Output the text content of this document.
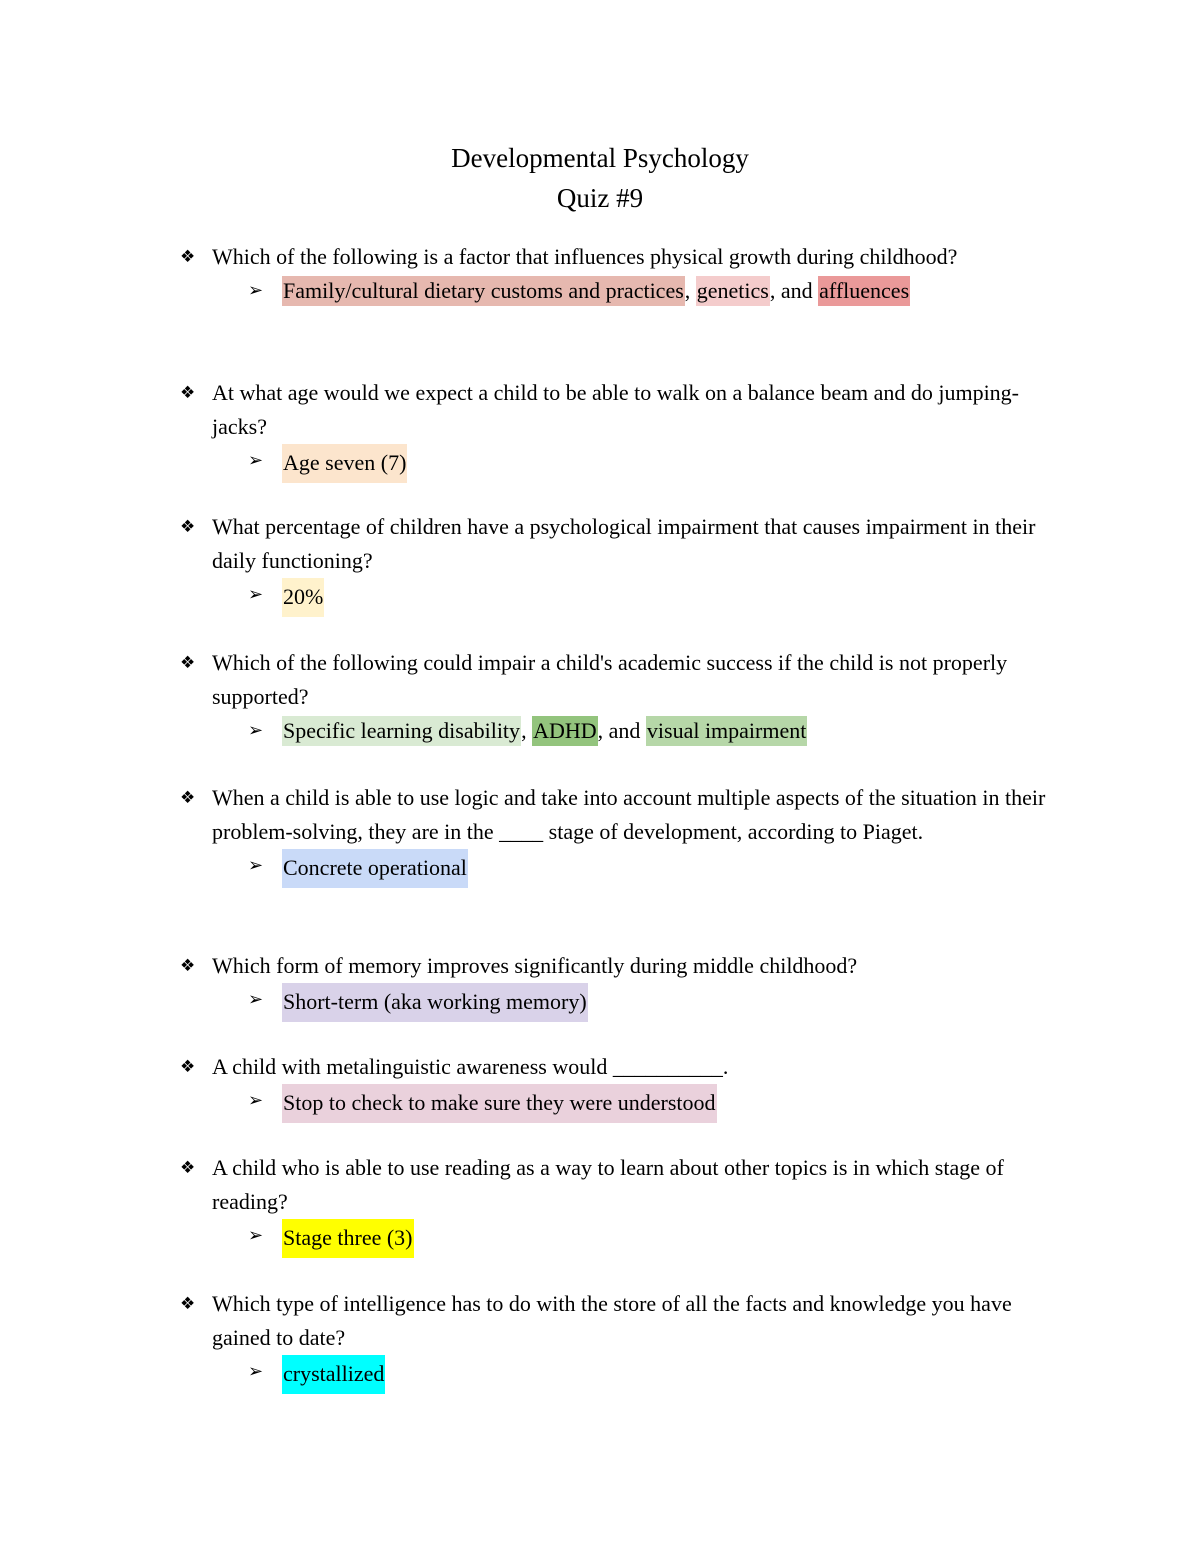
Developmental Psychology
Quiz #9
❖ Which of the following is a factor that influences physical growth during childhood?
➢ Family/cultural dietary customs and practices, genetics, and affluences
❖ At what age would we expect a child to be able to walk on a balance beam and do jumping-jacks?
➢ Age seven (7)
❖ What percentage of children have a psychological impairment that causes impairment in their daily functioning?
➢ 20%
❖ Which of the following could impair a child's academic success if the child is not properly supported?
➢ Specific learning disability, ADHD, and visual impairment
❖ When a child is able to use logic and take into account multiple aspects of the situation in their problem-solving, they are in the ____ stage of development, according to Piaget.
➢ Concrete operational
❖ Which form of memory improves significantly during middle childhood?
➢ Short-term (aka working memory)
❖ A child with metalinguistic awareness would __________.
➢ Stop to check to make sure they were understood
❖ A child who is able to use reading as a way to learn about other topics is in which stage of reading?
➢ Stage three (3)
❖ Which type of intelligence has to do with the store of all the facts and knowledge you have gained to date?
➢ crystallized
